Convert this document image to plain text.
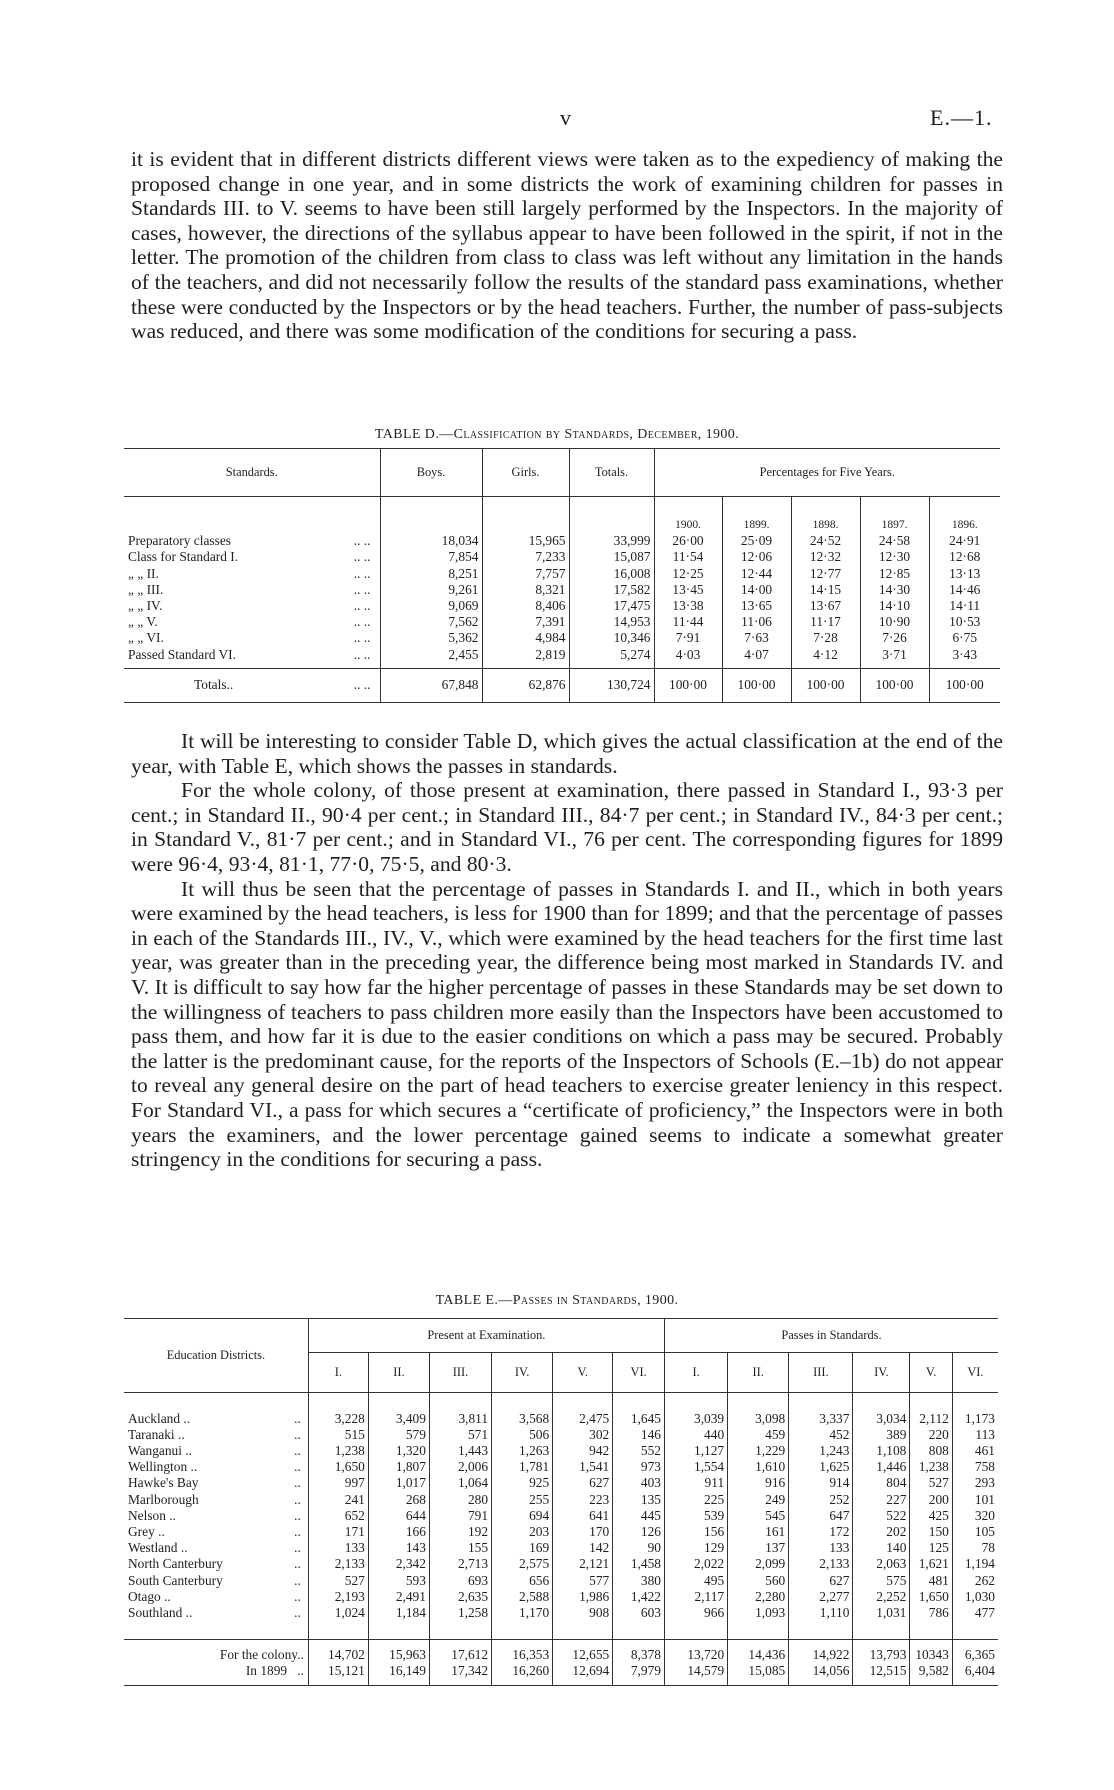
v	E.—1.

it is evident that in different districts different views were taken as to the expediency of making the proposed change in one year, and in some districts the work of examining children for passes in Standards III. to V. seems to have been still largely performed by the Inspectors. In the majority of cases, however, the directions of the syllabus appear to have been followed in the spirit, if not in the letter. The promotion of the children from class to class was left without any limitation in the hands of the teachers, and did not necessarily follow the results of the standard pass examinations, whether these were conducted by the Inspectors or by the head teachers. Further, the number of pass-subjects was reduced, and there was some modification of the conditions for securing a pass.

TABLE D.—Classification by Standards, December, 1900.
Standards.	Boys.	Girls.	Totals.	Percentages for Five Years.				
				1900.	1899.	1898.	1897.	1896.
Preparatory classes .. ..	18,034	15,965	33,999	26·00	25·09	24·52	24·58	24·91
Class for Standard I. .. ..	7,854	7,233	15,087	11·54	12·06	12·32	12·30	12·68
„ „ II. .. ..	8,251	7,757	16,008	12·25	12·44	12·77	12·85	13·13
„ „ III. .. ..	9,261	8,321	17,582	13·45	14·00	14·15	14·30	14·46
„ „ IV. .. ..	9,069	8,406	17,475	13·38	13·65	13·67	14·10	14·11
„ „ V. .. ..	7,562	7,391	14,953	11·44	11·06	11·17	10·90	10·53
„ „ VI. .. ..	5,362	4,984	10,346	7·91	7·63	7·28	7·26	6·75
Passed Standard VI. .. ..	2,455	2,819	5,274	4·03	4·07	4·12	3·71	3·43

Totals.. .. ..	67,848	62,876	130,724	100·00	100·00	100·00	100·00	100·00

It will be interesting to consider Table D, which gives the actual classification at the end of the year, with Table E, which shows the passes in standards.

For the whole colony, of those present at examination, there passed in Standard I., 93·3 per cent.; in Standard II., 90·4 per cent.; in Standard III., 84·7 per cent.; in Standard IV., 84·3 per cent.; in Standard V., 81·7 per cent.; and in Standard VI., 76 per cent. The corresponding figures for 1899 were 96·4, 93·4, 81·1, 77·0, 75·5, and 80·3.

It will thus be seen that the percentage of passes in Standards I. and II., which in both years were examined by the head teachers, is less for 1900 than for 1899; and that the percentage of passes in each of the Standards III., IV., V., which were examined by the head teachers for the first time last year, was greater than in the preceding year, the difference being most marked in Standards IV. and V. It is difficult to say how far the higher percentage of passes in these Standards may be set down to the willingness of teachers to pass children more easily than the Inspectors have been accustomed to pass them, and how far it is due to the easier conditions on which a pass may be secured. Probably the latter is the predominant cause, for the reports of the Inspectors of Schools (E.–1b) do not appear to reveal any general desire on the part of head teachers to exercise greater leniency in this respect. For Standard VI., a pass for which secures a “certificate of proficiency,” the Inspectors were in both years the examiners, and the lower percentage gained seems to indicate a somewhat greater stringency in the conditions for securing a pass.

TABLE E.—Passes in Standards, 1900.
Education Districts.	Present at Examination.						Passes in Standards.					
	I.	II.	III.	IV.	V.	VI.	I.	II.	III.	IV.	V.	VI.

Auckland .. ..	3,228	3,409	3,811	3,568	2,475	1,645	3,039	3,098	3,337	3,034	2,112	1,173
Taranaki .. ..	515	579	571	506	302	146	440	459	452	389	220	113
Wanganui .. ..	1,238	1,320	1,443	1,263	942	552	1,127	1,229	1,243	1,108	808	461
Wellington .. ..	1,650	1,807	2,006	1,781	1,541	973	1,554	1,610	1,625	1,446	1,238	758
Hawke's Bay ..	997	1,017	1,064	925	627	403	911	916	914	804	527	293
Marlborough ..	241	268	280	255	223	135	225	249	252	227	200	101
Nelson .. ..	652	644	791	694	641	445	539	545	647	522	425	320
Grey .. ..	171	166	192	203	170	126	156	161	172	202	150	105
Westland .. ..	133	143	155	169	142	90	129	137	133	140	125	78
North Canterbury ..	2,133	2,342	2,713	2,575	2,121	1,458	2,022	2,099	2,133	2,063	1,621	1,194
South Canterbury ..	527	593	693	656	577	380	495	560	627	575	481	262
Otago .. ..	2,193	2,491	2,635	2,588	1,986	1,422	2,117	2,280	2,277	2,252	1,650	1,030
Southland .. ..	1,024	1,184	1,258	1,170	908	603	966	1,093	1,110	1,031	786	477

For the colony..	14,702	15,963	17,612	16,353	12,655	8,378	13,720	14,436	14,922	13,793	10343	6,365
In 1899 ..	15,121	16,149	17,342	16,260	12,694	7,979	14,579	15,085	14,056	12,515	9,582	6,404
